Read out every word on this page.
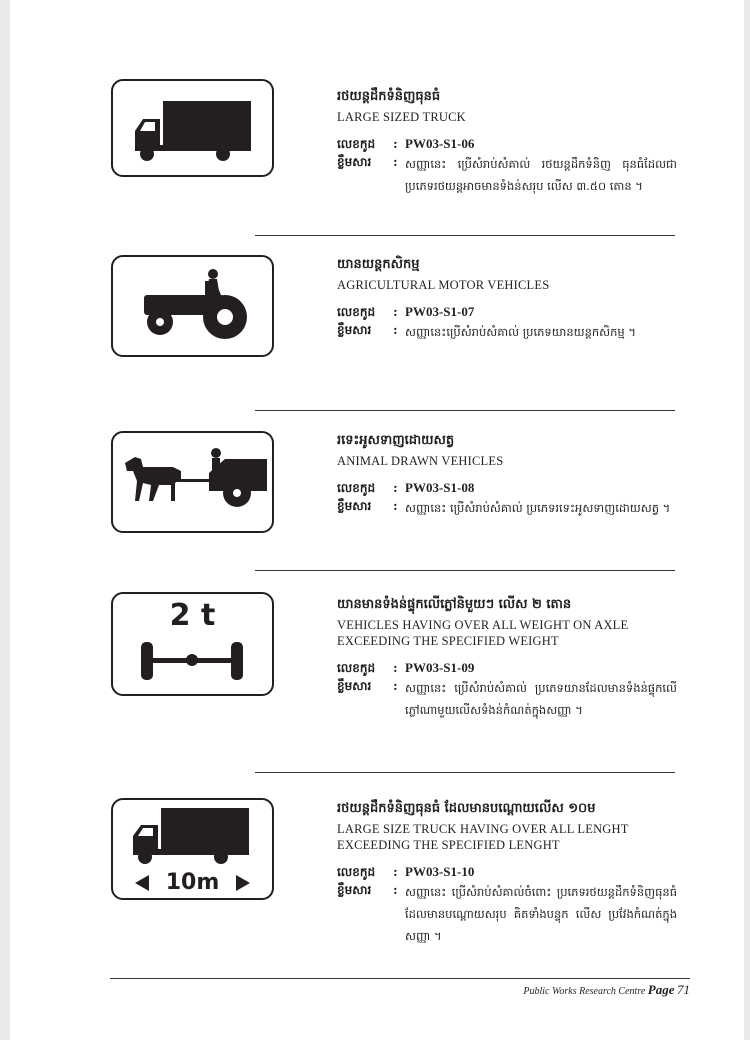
រថយន្តដឹកទំនិញធុនធំ
LARGE SIZED TRUCK
លេខកូដ	: PW03-S1-06
ខ្លឹមសារ	: សញ្ញានេះ ប្រើសំរាប់សំគាល់ រថយន្តដឹកទំនិញ ធុនធំដែលជា ប្រភេទរថយន្តអាចមានទំងន់សរុប លើស ៣.៥០ តោន ។
យានយន្តកសិកម្ម
AGRICULTURAL MOTOR VEHICLES
លេខកូដ	: PW03-S1-07
ខ្លឹមសារ	: សញ្ញានេះប្រើសំរាប់សំគាល់ ប្រភេទយានយន្តកសិកម្ម ។
រទេះអូសទាញដោយសត្វ
ANIMAL DRAWN VEHICLES
លេខកូដ	: PW03-S1-08
ខ្លឹមសារ	: សញ្ញានេះ ប្រើសំរាប់សំគាល់ ប្រភេទរទេះអូសទាញដោយសត្វ ។
2 t	យានមានទំងន់ផ្ទុកលើភ្លៅនិមួយៗ លើស ២ តោន
VEHICLES HAVING OVER ALL WEIGHT ON AXLE EXCEEDING THE SPECIFIED WEIGHT
លេខកូដ	: PW03-S1-09
ខ្លឹមសារ	: សញ្ញានេះ ប្រើសំរាប់សំគាល់ ប្រភេទយានដែលមានទំងន់ផ្ទុកលើភ្លៅណាមួយលើសទំងន់កំណត់ក្នុងសញ្ញា ។
10m
រថយន្តដឹកទំនិញធុនធំ ដែលមានបណ្ដោយលើស ១០ម
LARGE SIZE TRUCK HAVING OVER ALL LENGHT EXCEEDING THE SPECIFIED LENGHT
លេខកូដ	: PW03-S1-10
ខ្លឹមសារ	: សញ្ញានេះ ប្រើសំរាប់សំគាល់ចំពោះ ប្រភេទរថយន្តដឹកទំនិញធុនធំ ដែលមានបណ្ដោយសរុប គិតទាំងបន្ទុក លើស ប្រវែងកំណត់ក្នុងសញ្ញា ។
Public Works Research Centre Page 71
